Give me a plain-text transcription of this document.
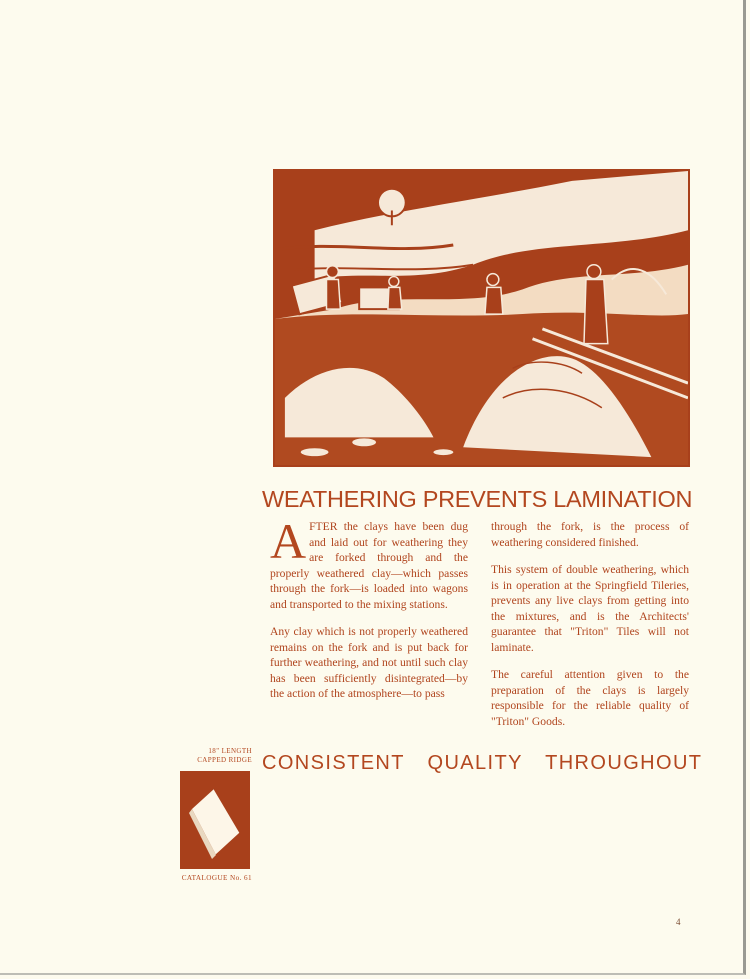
WEATHERING PREVENTS LAMINATION

AFTER the clays have been dug and laid out for weathering they are forked through and the properly weathered clay—which passes through the fork—is loaded into wagons and transported to the mixing stations.

Any clay which is not properly weathered remains on the fork and is put back for further weathering, and not until such clay has been sufficiently disintegrated—by the action of the atmosphere—to pass

through the fork, is the process of weathering considered finished.

This system of double weathering, which is in operation at the Springfield Tileries, prevents any live clays from getting into the mixtures, and is the Architects' guarantee that "Triton" Tiles will not laminate.

The careful attention given to the preparation of the clays is largely responsible for the reliable quality of "Triton" Goods.

18" LENGTH
CAPPED RIDGE
CATALOGUE No. 61
CONSISTENT QUALITY THROUGHOUT
4
